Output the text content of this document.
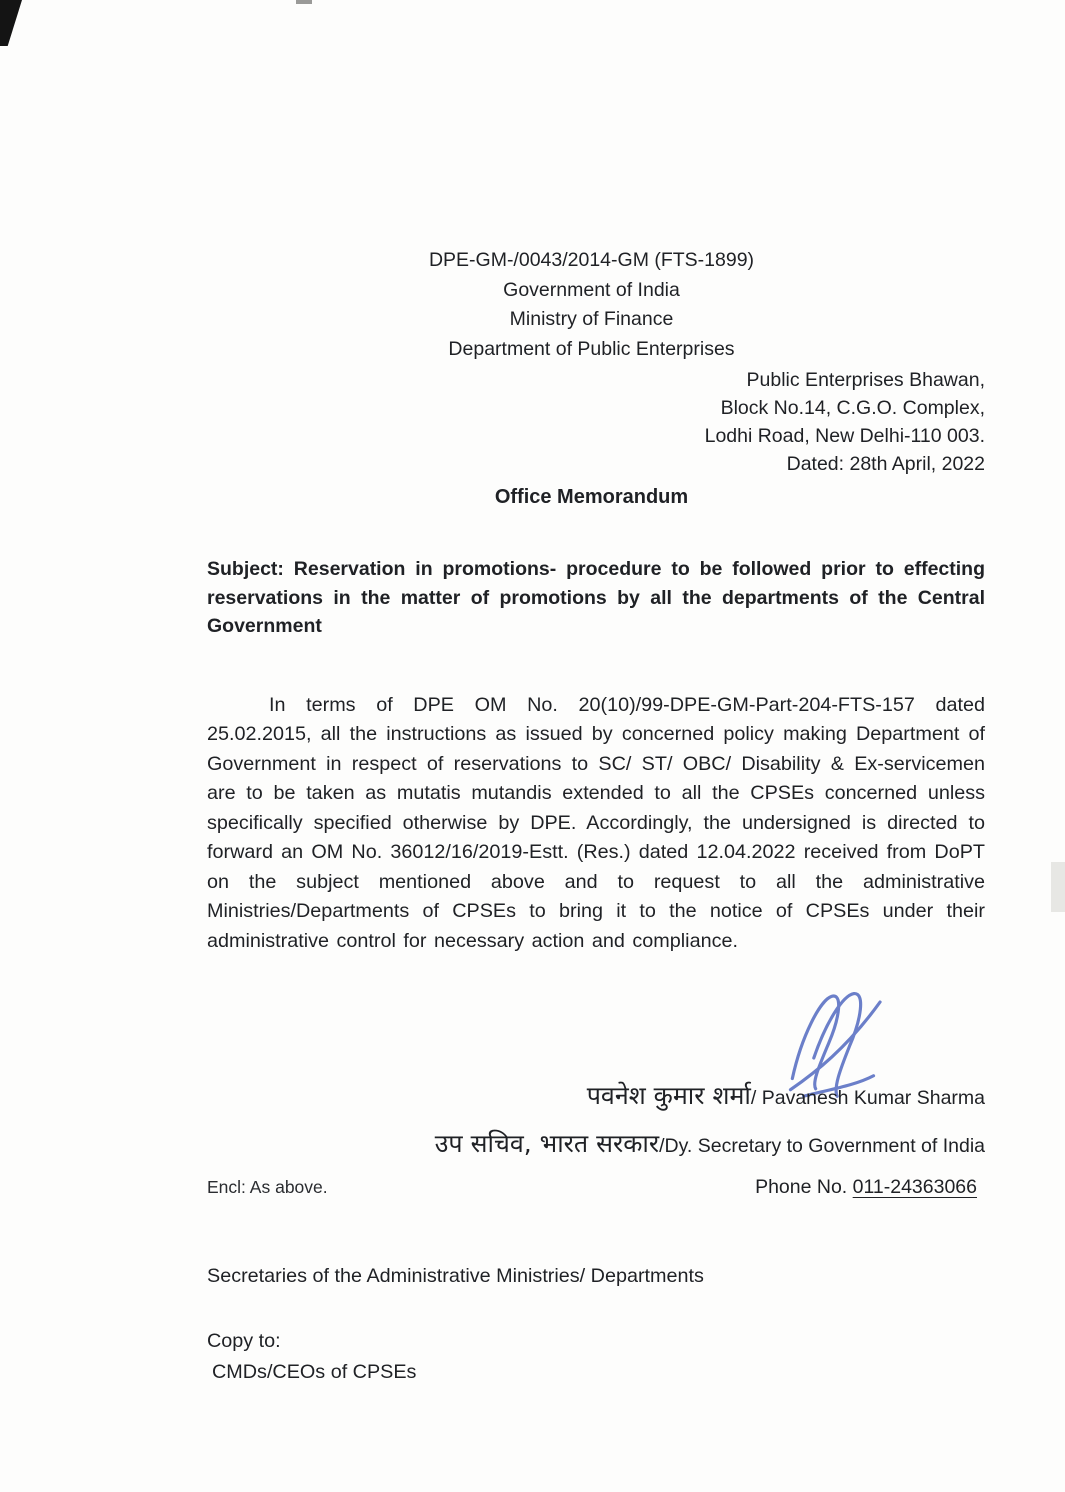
DPE-GM-/0043/2014-GM (FTS-1899)
Government of India
Ministry of Finance
Department of Public Enterprises
Public Enterprises Bhawan,
Block No.14, C.G.O. Complex,
Lodhi Road, New Delhi-110 003.
Dated: 28th April, 2022
Office Memorandum
Subject: Reservation in promotions- procedure to be followed prior to effecting reservations in the matter of promotions by all the departments of the Central Government

In terms of DPE OM No. 20(10)/99-DPE-GM-Part-204-FTS-157 dated 25.02.2015, all the instructions as issued by concerned policy making Department of Government in respect of reservations to SC/ ST/ OBC/ Disability & Ex-servicemen are to be taken as mutatis mutandis extended to all the CPSEs concerned unless specifically specified otherwise by DPE. Accordingly, the undersigned is directed to forward an OM No. 36012/16/2019-Estt. (Res.) dated 12.04.2022 received from DoPT on the subject mentioned above and to request to all the administrative Ministries/Departments of CPSEs to bring it to the notice of CPSEs under their administrative control for necessary action and compliance.

पवनेश कुमार शर्मा/ Pavanesh Kumar Sharma
उप सचिव, भारत सरकार/Dy. Secretary to Government of India
Encl: As above.	Phone No. 011-24363066
Secretaries of the Administrative Ministries/ Departments
Copy to:
CMDs/CEOs of CPSEs
